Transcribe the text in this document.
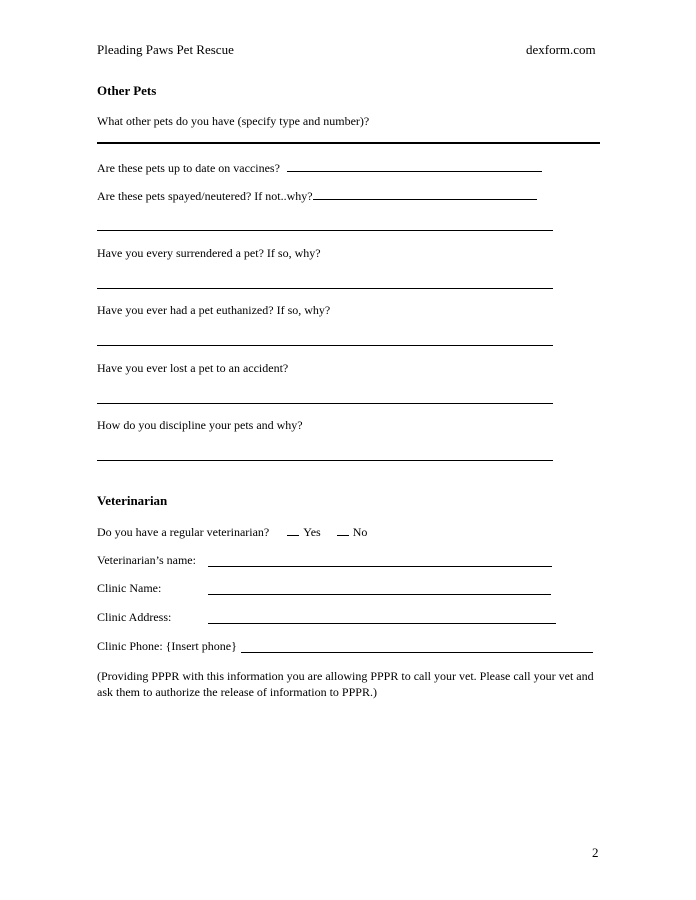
Pleading Paws Pet Rescue	dexform.com
Other Pets
What other pets do you have (specify type and number)?
Are these pets up to date on vaccines?
Are these pets spayed/neutered? If not..why?
Have you every surrendered a pet? If so, why?
Have you ever had a pet euthanized? If so, why?
Have you ever lost a pet to an accident?
How do you discipline your pets and why?
Veterinarian
Do you have a regular veterinarian?	Yes	No
Veterinarian’s name:
Clinic Name:
Clinic Address:
Clinic Phone: {Insert phone}
(Providing PPPR with this information you are allowing PPPR to call your vet. Please call your vet and ask them to authorize the release of information to PPPR.)
2
